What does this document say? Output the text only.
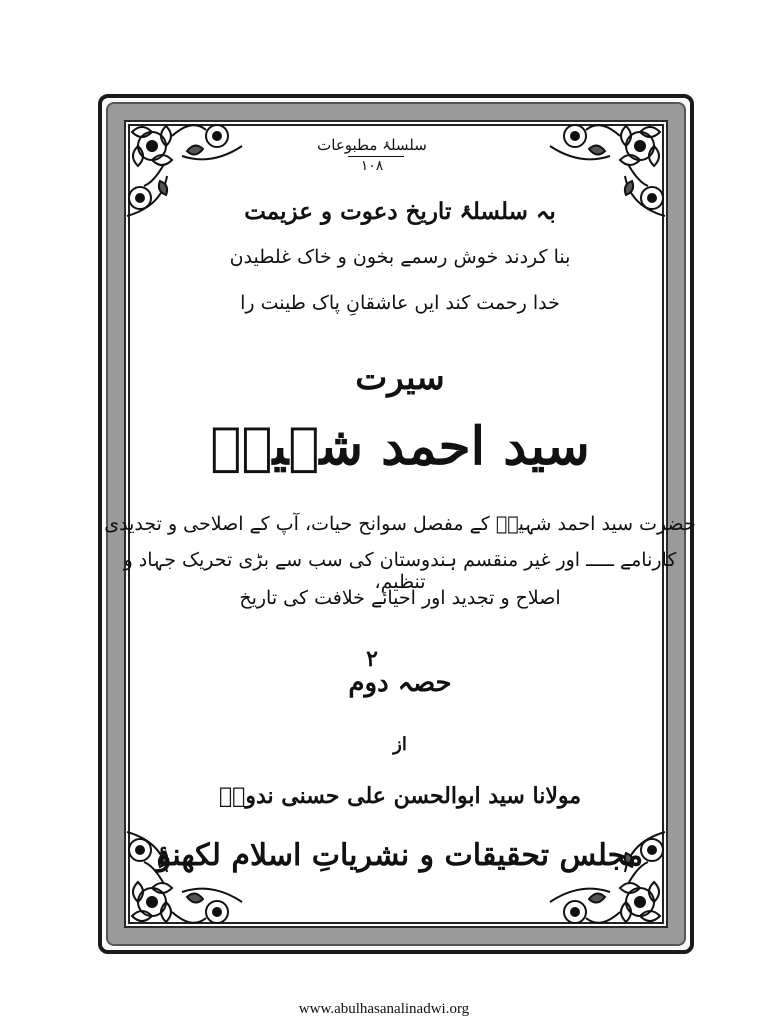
سلسلۂ مطبوعات
۱۰۸
بہ سلسلۂ تاریخ دعوت و عزیمت
بنا کردند خوش رسمے بخون و خاک غلطیدن
خدا رحمت کند ایں عاشقانِ پاک طینت را
سیرت
سید احمد شہیدؒ
حضرت سید احمد شہیدؒ کے مفصل سوانح حیات، آپ کے اصلاحی و تجدیدی
کارنامے ـــــ اور غیر منقسم ہندوستان کی سب سے بڑی تحریک جہاد و تنظیم،
اصلاح و تجدید اور احیائے خلافت کی تاریخ
۲
حصہ دوم
از
مولانا سید ابوالحسن علی حسنی ندویؒ
مجلس تحقیقات و نشریاتِ اسلام لکھنؤ
www.abulhasanalinadwi.org
